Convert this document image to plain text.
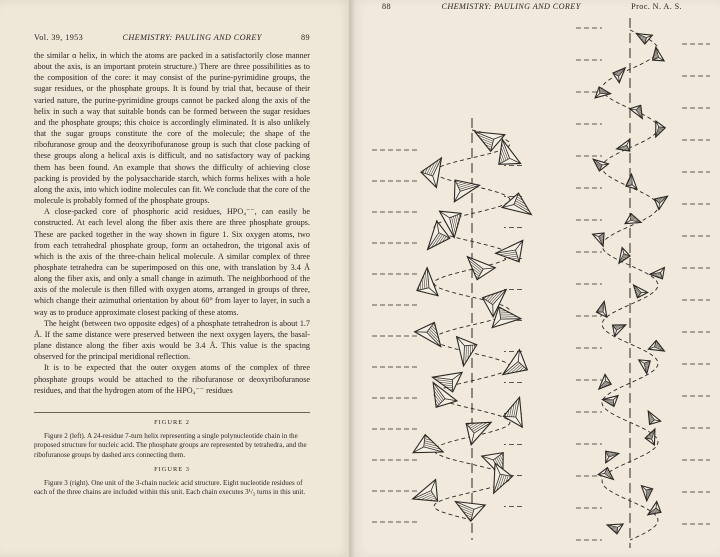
Vol. 39, 1953	CHEMISTRY: PAULING AND COREY	89

the similar α helix, in which the atoms are packed in a satisfactorily close manner about the axis, is an important protein structure.) There are three possibilities as to the composition of the core: it may consist of the purine-pyrimidine groups, the sugar residues, or the phosphate groups. It is found by trial that, because of their varied nature, the purine-pyrimidine groups cannot be packed along the axis of the helix in such a way that suitable bonds can be formed between the sugar residues and the phosphate groups; this choice is accordingly eliminated. It is also unlikely that the sugar groups constitute the core of the molecule; the shape of the ribofuranose group and the deoxyribofuranose group is such that close packing of these groups along a helical axis is difficult, and no satisfactory way of packing them has been found. An example that shows the difficulty of achieving close packing is provided by the polysaccharide starch, which forms helixes with a hole along the axis, into which iodine molecules can fit. We conclude that the core of the molecule is probably formed of the phosphate groups.

A close-packed core of phosphoric acid residues, HPO₄⁻⁻, can easily be constructed. At each level along the fiber axis there are three phosphate groups. These are packed together in the way shown in figure 1. Six oxygen atoms, two from each tetrahedral phosphate group, form an octahedron, the trigonal axis of which is the axis of the three-chain helical molecule. A similar complex of three phosphate tetrahedra can be superimposed on this one, with translation by 3.4 Å along the fiber axis, and only a small change in azimuth. The neighborhood of the axis of the molecule is then filled with oxygen atoms, arranged in groups of three, which change their azimuthal orientation by about 60° from layer to layer, in such a way as to produce approximate closest packing of these atoms.

The height (between two opposite edges) of a phosphate tetrahedron is about 1.7 Å. If the same distance were preserved between the next oxygen layers, the basal-plane distance along the fiber axis would be 3.4 Å. This value is the spacing observed for the principal meridional reflection.

It is to be expected that the outer oxygen atoms of the complex of three phosphate groups would be attached to the ribofuranose or deoxyribofuranose residues, and that the hydrogen atom of the HPO₄⁻⁻ residues

FIGURE 2

Figure 2 (left). A 24-residue 7-turn helix representing a single polynucleotide chain in the proposed structure for nucleic acid. The phosphate groups are represented by tetrahedra, and the ribofuranose groups by dashed arcs connecting them.

FIGURE 3

Figure 3 (right). One unit of the 3-chain nucleic acid structure. Eight nucleotide residues of each of the three chains are included within this unit. Each chain executes 3¹/₃ turns in this unit.

88	CHEMISTRY: PAULING AND COREY	Proc. N. A. S.
